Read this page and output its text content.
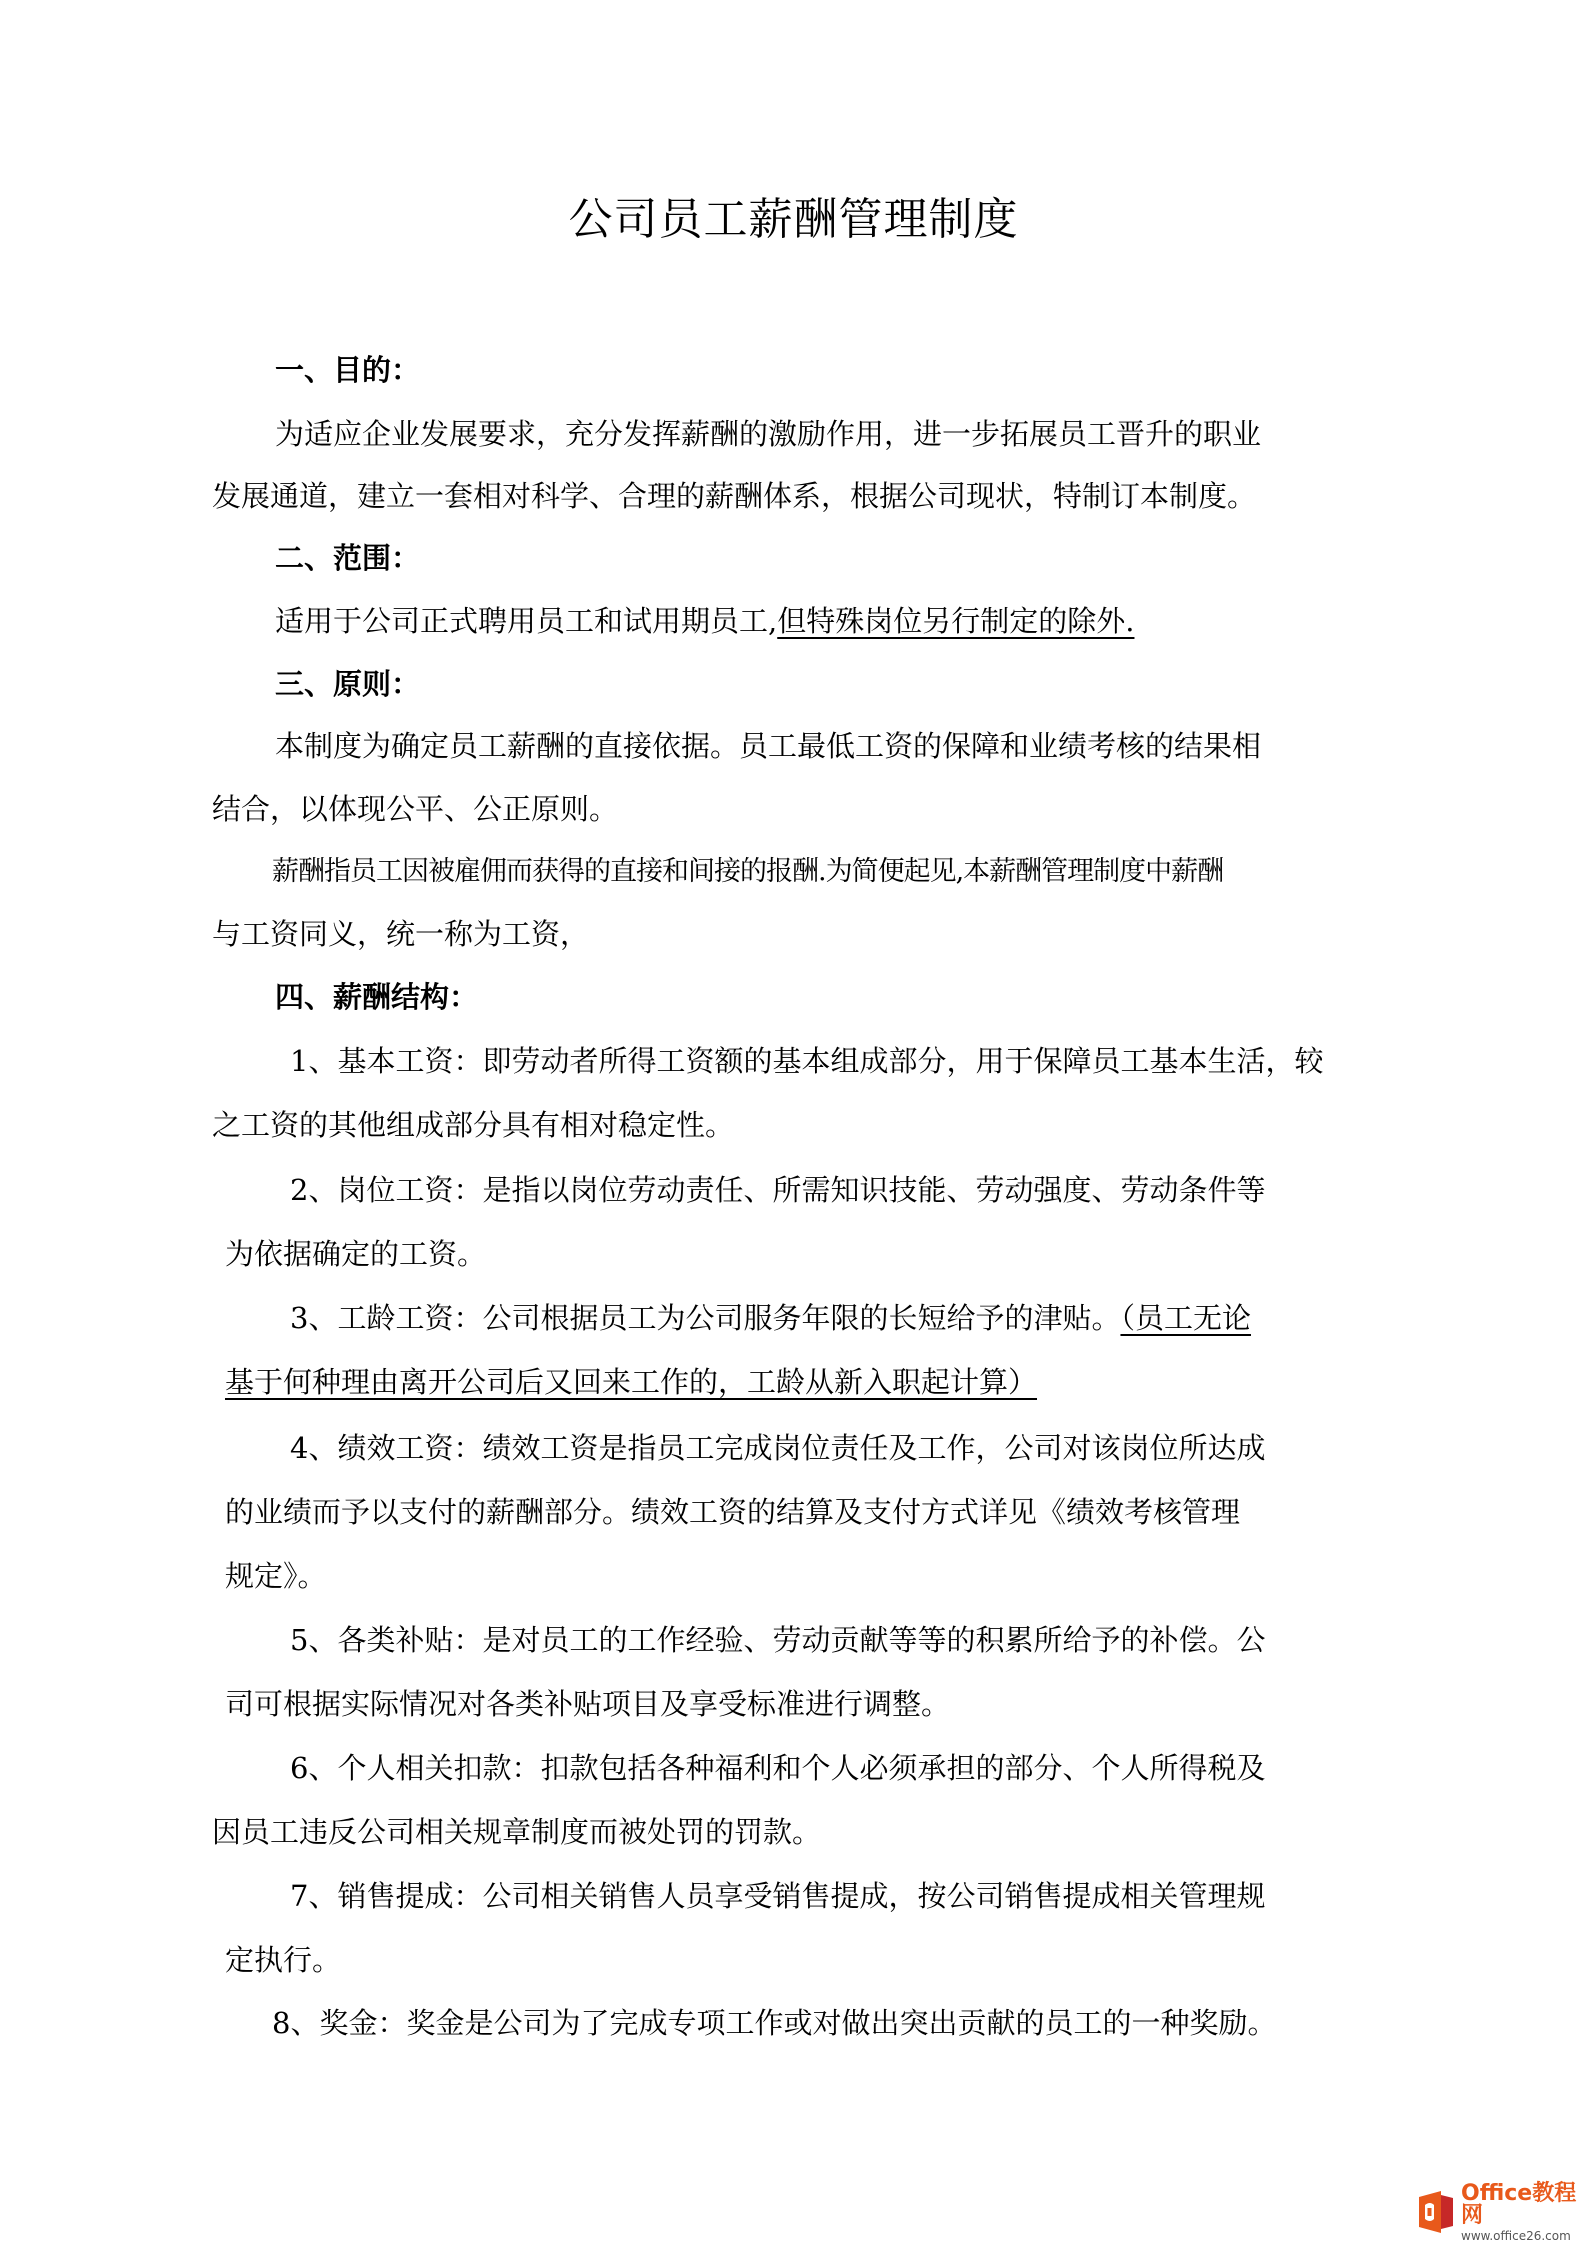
公司员工薪酬管理制度
一、目的：
为适应企业发展要求，充分发挥薪酬的激励作用，进一步拓展员工晋升的职业
发展通道，建立一套相对科学、合理的薪酬体系，根据公司现状，特制订本制度。
二、范围：
适用于公司正式聘用员工和试用期员工,但特殊岗位另行制定的除外.
三、原则：
本制度为确定员工薪酬的直接依据。员工最低工资的保障和业绩考核的结果相
结合，以体现公平、公正原则。
薪酬指员工因被雇佣而获得的直接和间接的报酬.为简便起见,本薪酬管理制度中薪酬
与工资同义，统一称为工资，
四、薪酬结构：
1、基本工资：即劳动者所得工资额的基本组成部分，用于保障员工基本生活，较
之工资的其他组成部分具有相对稳定性。
2、岗位工资：是指以岗位劳动责任、所需知识技能、劳动强度、劳动条件等
为依据确定的工资。
3、工龄工资：公司根据员工为公司服务年限的长短给予的津贴。（员工无论
基于何种理由离开公司后又回来工作的，工龄从新入职起计算）
4、绩效工资：绩效工资是指员工完成岗位责任及工作，公司对该岗位所达成
的业绩而予以支付的薪酬部分。绩效工资的结算及支付方式详见《绩效考核管理
规定》。
5、各类补贴：是对员工的工作经验、劳动贡献等等的积累所给予的补偿。公
司可根据实际情况对各类补贴项目及享受标准进行调整。
6、个人相关扣款：扣款包括各种福利和个人必须承担的部分、个人所得税及
因员工违反公司相关规章制度而被处罚的罚款。
7、销售提成：公司相关销售人员享受销售提成，按公司销售提成相关管理规
定执行。
8、奖金：奖金是公司为了完成专项工作或对做出突出贡献的员工的一种奖励。
Office教程网
www.office26.com
